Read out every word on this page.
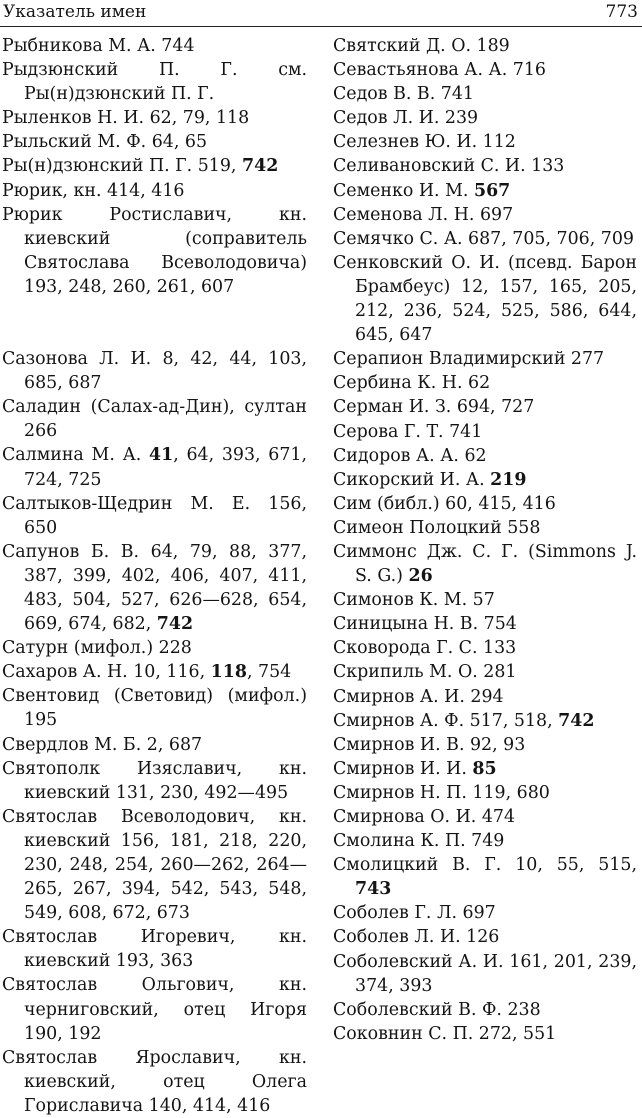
Указатель имен	773

Рыбникова М. А. 744

Рыдзюнский П. Г. см. Ры(н)дзюнский П. Г.

Рыленков Н. И. 62, 79, 118

Рыльский М. Ф. 64, 65

Ры(н)дзюнский П. Г. 519, 742

Рюрик, кн. 414, 416

Рюрик Ростиславич, кн. киевский (соправитель Святослава Всеволодовича) 193, 248, 260, 261, 607

Сазонова Л. И. 8, 42, 44, 103, 685, 687

Саладин (Салах-ад-Дин), султан 266

Салмина М. А. 41, 64, 393, 671, 724, 725

Салтыков-Щедрин М. Е. 156, 650

Сапунов Б. В. 64, 79, 88, 377, 387, 399, 402, 406, 407, 411, 483, 504, 527, 626—628, 654, 669, 674, 682, 742

Сатурн (мифол.) 228

Сахаров А. Н. 10, 116, 118, 754

Свентовид (Световид) (мифол.) 195

Свердлов М. Б. 2, 687

Святополк Изяславич, кн. киевский 131, 230, 492—495

Святослав Всеволодович, кн. киевский 156, 181, 218, 220, 230, 248, 254, 260—262, 264—265, 267, 394, 542, 543, 548, 549, 608, 672, 673

Святослав Игоревич, кн. киевский 193, 363

Святослав Ольгович, кн. черниговский, отец Игоря 190, 192

Святослав Ярославич, кн. киевский, отец Олега Гориславича 140, 414, 416

Святский Д. О. 189

Севастьянова А. А. 716

Седов В. В. 741

Седов Л. И. 239

Селезнев Ю. И. 112

Селивановский С. И. 133

Семенко И. М. 567

Семенова Л. Н. 697

Семячко С. А. 687, 705, 706, 709

Сенковский О. И. (псевд. Барон Брамбеус) 12, 157, 165, 205, 212, 236, 524, 525, 586, 644, 645, 647

Серапион Владимирский 277

Сербина К. Н. 62

Серман И. З. 694, 727

Серова Г. Т. 741

Сидоров А. А. 62

Сикорский И. А. 219

Сим (библ.) 60, 415, 416

Симеон Полоцкий 558

Симмонс Дж. С. Г. (Simmons J. S. G.) 26

Симонов К. М. 57

Синицына Н. В. 754

Сковорода Г. С. 133

Скрипиль М. О. 281

Смирнов А. И. 294

Смирнов А. Ф. 517, 518, 742

Смирнов И. В. 92, 93

Смирнов И. И. 85

Смирнов Н. П. 119, 680

Смирнова О. И. 474

Смолина К. П. 749

Смолицкий В. Г. 10, 55, 515, 743

Соболев Г. Л. 697

Соболев Л. И. 126

Соболевский А. И. 161, 201, 239, 374, 393

Соболевский В. Ф. 238

Соковнин С. П. 272, 551
